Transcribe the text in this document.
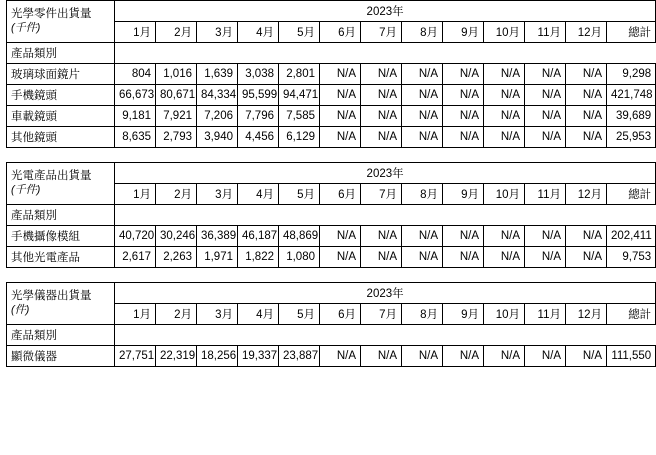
光學零件出貨量
(千件)	2023年												
	1月	2月	3月	4月	5月	6月	7月	8月	9月	10月	11月	12月	總計
產品類別													
玻璃球面鏡片	804	1,016	1,639	3,038	2,801	N/A	N/A	N/A	N/A	N/A	N/A	N/A	9,298
手機鏡頭	66,673	80,671	84,334	95,599	94,471	N/A	N/A	N/A	N/A	N/A	N/A	N/A	421,748
車載鏡頭	9,181	7,921	7,206	7,796	7,585	N/A	N/A	N/A	N/A	N/A	N/A	N/A	39,689
其他鏡頭	8,635	2,793	3,940	4,456	6,129	N/A	N/A	N/A	N/A	N/A	N/A	N/A	25,953
光電產品出貨量
(千件)	2023年												
	1月	2月	3月	4月	5月	6月	7月	8月	9月	10月	11月	12月	總計
產品類別													
手機攝像模組	40,720	30,246	36,389	46,187	48,869	N/A	N/A	N/A	N/A	N/A	N/A	N/A	202,411
其他光電產品	2,617	2,263	1,971	1,822	1,080	N/A	N/A	N/A	N/A	N/A	N/A	N/A	9,753
光學儀器出貨量
(件)	2023年												
	1月	2月	3月	4月	5月	6月	7月	8月	9月	10月	11月	12月	總計
產品類別													
顯微儀器	27,751	22,319	18,256	19,337	23,887	N/A	N/A	N/A	N/A	N/A	N/A	N/A	111,550
